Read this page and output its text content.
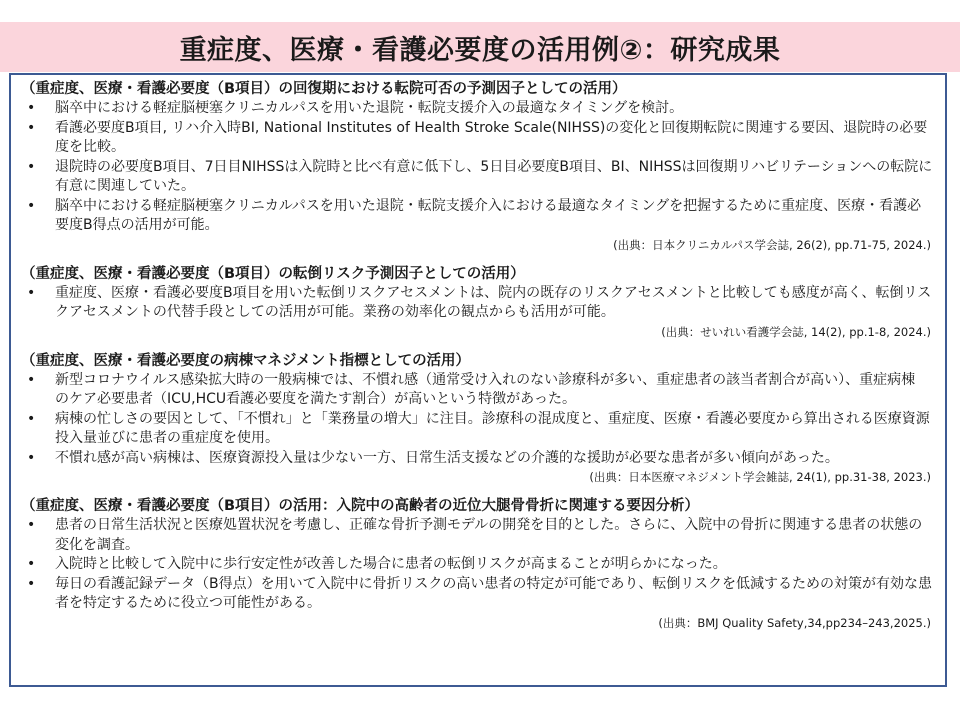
重症度、医療・看護必要度の活用例②：研究成果
（重症度、医療・看護必要度（B項目）の回復期における転院可否の予測因子としての活用）
• 脳卒中における軽症脳梗塞クリニカルパスを用いた退院・転院支援介入の最適なタイミングを検討。
• 看護必要度B項目, リハ介入時BI, National Institutes of Health Stroke Scale(NIHSS)の変化と回復期転院に関連する要因、退院時の必要度を比較。
• 退院時の必要度B項目、7日目NIHSSは入院時と比べ有意に低下し、5日目必要度B項目、BI、NIHSSは回復期リハビリテーションへの転院に有意に関連していた。
• 脳卒中における軽症脳梗塞クリニカルパスを用いた退院・転院支援介入における最適なタイミングを把握するために重症度、医療・看護必要度B得点の活用が可能。
(出典：日本クリニカルパス学会誌, 26(2), pp.71-75, 2024.)
（重症度、医療・看護必要度（B項目）の転倒リスク予測因子としての活用）
• 重症度、医療・看護必要度B項目を用いた転倒リスクアセスメントは、院内の既存のリスクアセスメントと比較しても感度が高く、転倒リスクアセスメントの代替手段としての活用が可能。業務の効率化の観点からも活用が可能。
(出典：せいれい看護学会誌, 14(2), pp.1-8, 2024.)
（重症度、医療・看護必要度の病棟マネジメント指標としての活用）
• 新型コロナウイルス感染拡大時の一般病棟では、不慣れ感（通常受け入れのない診療科が多い、重症患者の該当者割合が高い）、重症病棟 のケア必要患者（ICU,HCU看護必要度を満たす割合）が高いという特徴があった。
• 病棟の忙しさの要因として、「不慣れ」と「業務量の増大」に注目。診療科の混成度と、重症度、医療・看護必要度から算出される医療資源投入量並びに患者の重症度を使用。
• 不慣れ感が高い病棟は、医療資源投入量は少ない一方、日常生活支援などの介護的な援助が必要な患者が多い傾向があった。
(出典：日本医療マネジメント学会雑誌, 24(1), pp.31-38, 2023.)
（重症度、医療・看護必要度（B項目）の活用：入院中の高齢者の近位大腿骨骨折に関連する要因分析）
• 患者の日常生活状況と医療処置状況を考慮し、正確な骨折予測モデルの開発を目的とした。さらに、入院中の骨折に関連する患者の状態の変化を調査。
• 入院時と比較して入院中に歩行安定性が改善した場合に患者の転倒リスクが高まることが明らかになった。
• 毎日の看護記録データ（B得点）を用いて入院中に骨折リスクの高い患者の特定が可能であり、転倒リスクを低減するための対策が有効な患者を特定するために役立つ可能性がある。
(出典：BMJ Quality Safety,34,pp234–243,2025.)
